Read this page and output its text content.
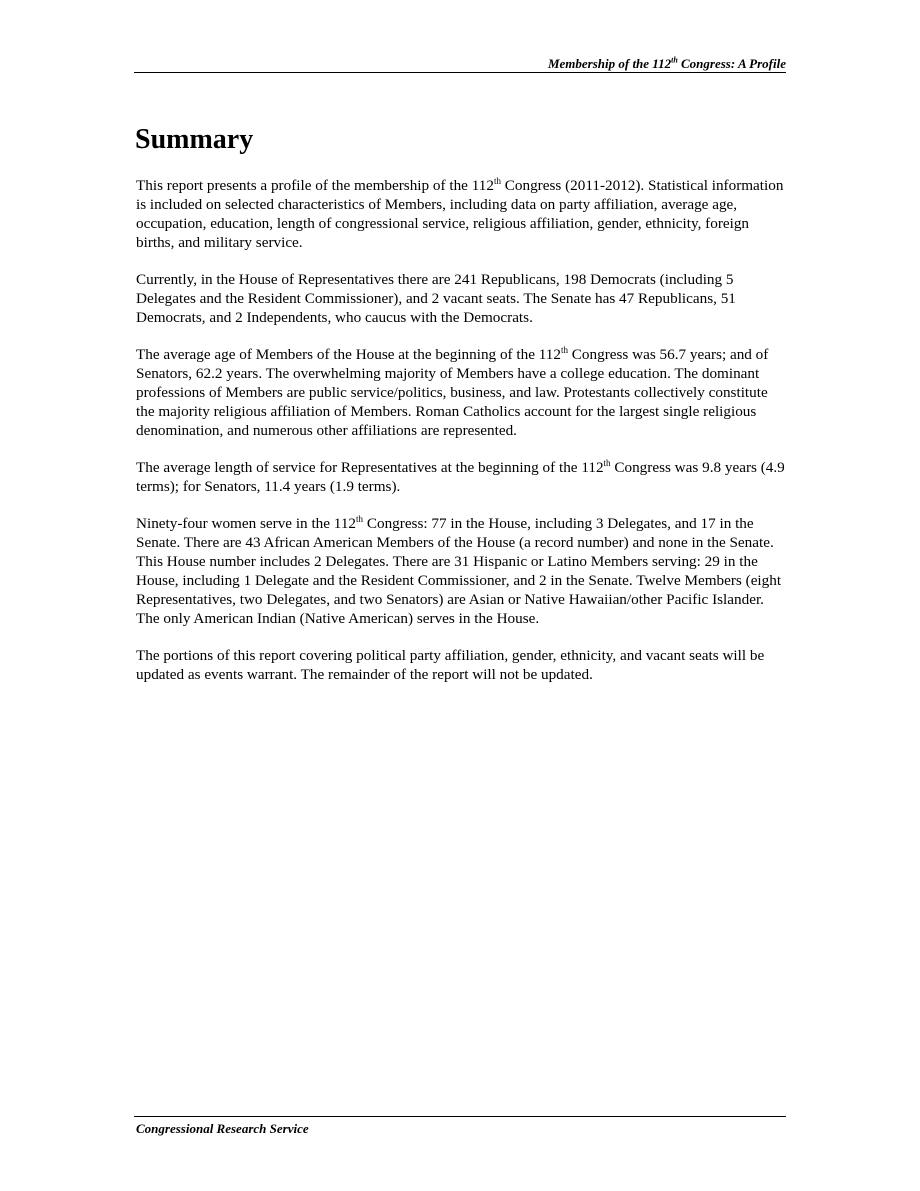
Membership of the 112th Congress: A Profile
Summary

This report presents a profile of the membership of the 112th Congress (2011-2012). Statistical information is included on selected characteristics of Members, including data on party affiliation, average age, occupation, education, length of congressional service, religious affiliation, gender, ethnicity, foreign births, and military service.

Currently, in the House of Representatives there are 241 Republicans, 198 Democrats (including 5 Delegates and the Resident Commissioner), and 2 vacant seats. The Senate has 47 Republicans, 51 Democrats, and 2 Independents, who caucus with the Democrats.

The average age of Members of the House at the beginning of the 112th Congress was 56.7 years; and of Senators, 62.2 years. The overwhelming majority of Members have a college education. The dominant professions of Members are public service/politics, business, and law. Protestants collectively constitute the majority religious affiliation of Members. Roman Catholics account for the largest single religious denomination, and numerous other affiliations are represented.

The average length of service for Representatives at the beginning of the 112th Congress was 9.8 years (4.9 terms); for Senators, 11.4 years (1.9 terms).

Ninety-four women serve in the 112th Congress: 77 in the House, including 3 Delegates, and 17 in the Senate. There are 43 African American Members of the House (a record number) and none in the Senate. This House number includes 2 Delegates. There are 31 Hispanic or Latino Members serving: 29 in the House, including 1 Delegate and the Resident Commissioner, and 2 in the Senate. Twelve Members (eight Representatives, two Delegates, and two Senators) are Asian or Native Hawaiian/other Pacific Islander. The only American Indian (Native American) serves in the House.

The portions of this report covering political party affiliation, gender, ethnicity, and vacant seats will be updated as events warrant. The remainder of the report will not be updated.

Congressional Research Service
